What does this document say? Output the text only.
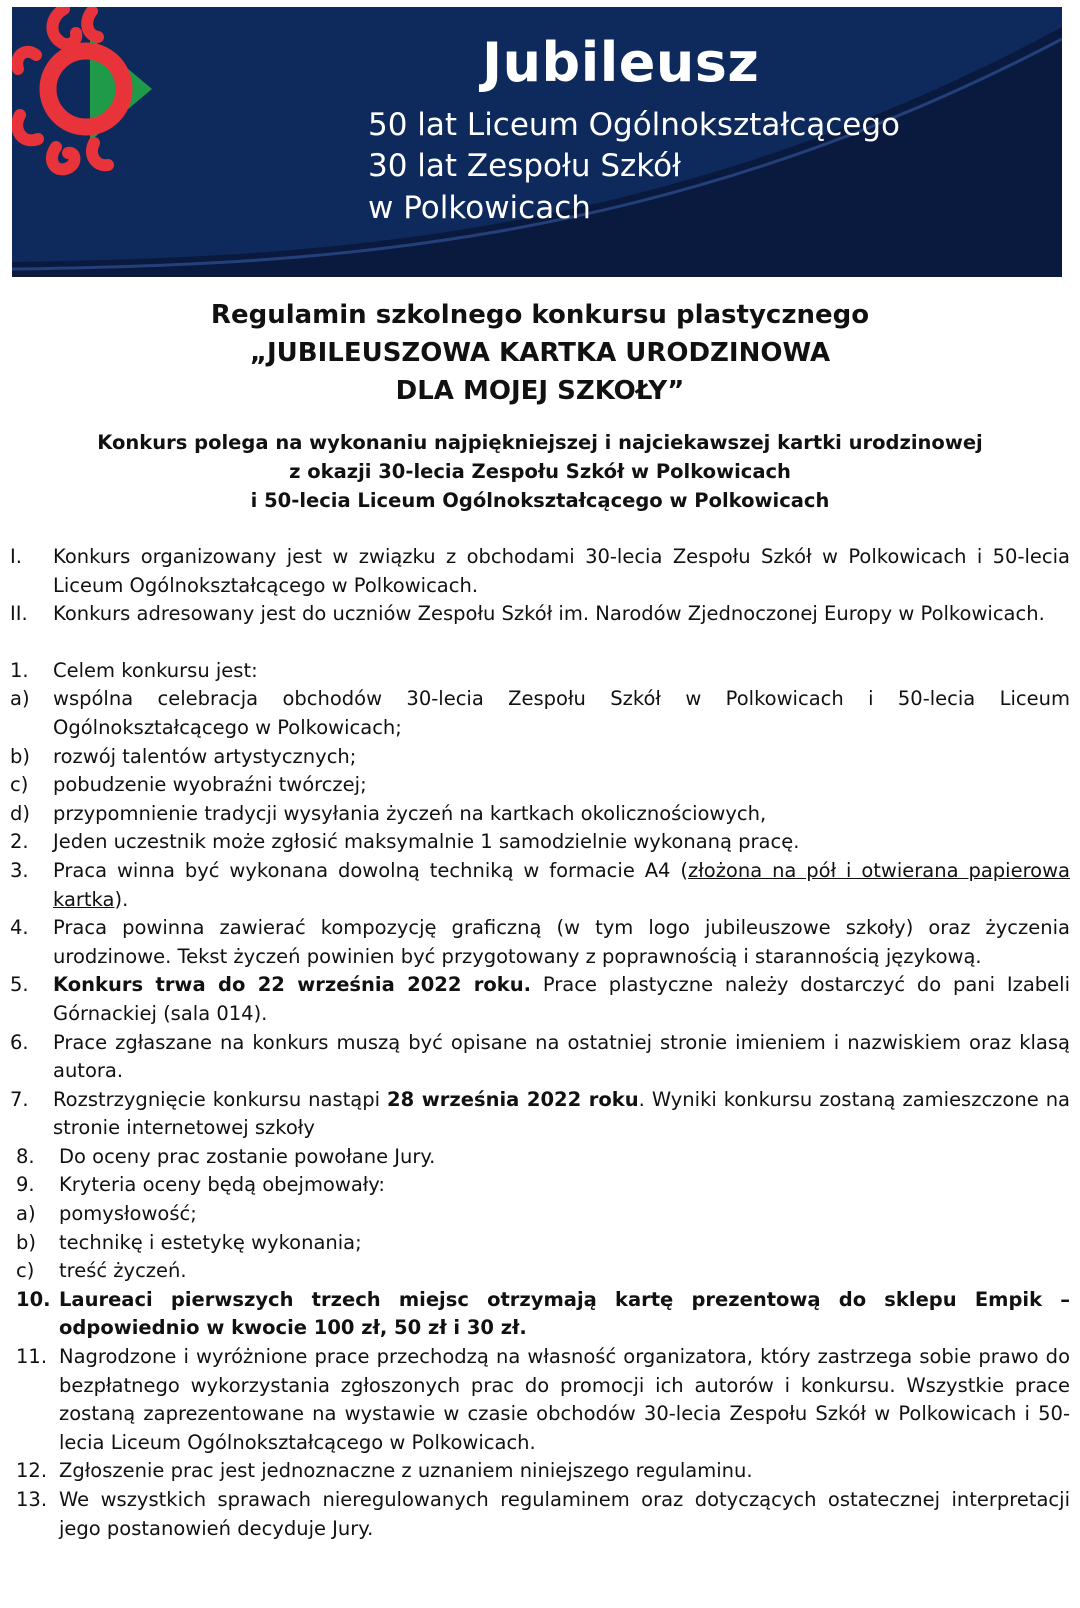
Jubileusz
50 lat Liceum Ogólnokształcącego
30 lat Zespołu Szkół
w Polkowicach
Regulamin szkolnego konkursu plastycznego
„JUBILEUSZOWA KARTKA URODZINOWA
DLA MOJEJ SZKOŁY”
Konkurs polega na wykonaniu najpiękniejszej i najciekawszej kartki urodzinowej
z okazji 30-lecia Zespołu Szkół w Polkowicach
i 50-lecia Liceum Ogólnokształcącego w Polkowicach
I.	Konkurs organizowany jest w związku z obchodami 30-lecia Zespołu Szkół w Polkowicach i 50-lecia Liceum Ogólnokształcącego w Polkowicach.
II.	Konkurs adresowany jest do uczniów Zespołu Szkół im. Narodów Zjednoczonej Europy w Polkowicach.
1.	Celem konkursu jest:
a)	wspólna celebracja obchodów 30-lecia Zespołu Szkół w Polkowicach i 50-lecia Liceum Ogólnokształcącego w Polkowicach;
b)	rozwój talentów artystycznych;
c)	pobudzenie wyobraźni twórczej;
d)	przypomnienie tradycji wysyłania życzeń na kartkach okolicznościowych,
2.	Jeden uczestnik może zgłosić maksymalnie 1 samodzielnie wykonaną pracę.
3.	Praca winna być wykonana dowolną techniką w formacie A4 (złożona na pół i otwierana papierowa kartka).
4.	Praca powinna zawierać kompozycję graficzną (w tym logo jubileuszowe szkoły) oraz życzenia urodzinowe. Tekst życzeń powinien być przygotowany z poprawnością i starannością językową.
5.	Konkurs trwa do 22 września 2022 roku. Prace plastyczne należy dostarczyć do pani Izabeli Górnackiej (sala 014).
6.	Prace zgłaszane na konkurs muszą być opisane na ostatniej stronie imieniem i nazwiskiem oraz klasą autora.
7.	Rozstrzygnięcie konkursu nastąpi 28 września 2022 roku. Wyniki konkursu zostaną zamieszczone na stronie internetowej szkoły
8.	Do oceny prac zostanie powołane Jury.
9.	Kryteria oceny będą obejmowały:
a)	pomysłowość;
b)	technikę i estetykę wykonania;
c)	treść życzeń.
10. Laureaci pierwszych trzech miejsc otrzymają kartę prezentową do sklepu Empik – odpowiednio w kwocie 100 zł, 50 zł i 30 zł.
11. Nagrodzone i wyróżnione prace przechodzą na własność organizatora, który zastrzega sobie prawo do bezpłatnego wykorzystania zgłoszonych prac do promocji ich autorów i konkursu. Wszystkie prace zostaną zaprezentowane na wystawie w czasie obchodów 30-lecia Zespołu Szkół w Polkowicach i 50-lecia Liceum Ogólnokształcącego w Polkowicach.
12. Zgłoszenie prac jest jednoznaczne z uznaniem niniejszego regulaminu.
13. We wszystkich sprawach nieregulowanych regulaminem oraz dotyczących ostatecznej interpretacji jego postanowień decyduje Jury.
